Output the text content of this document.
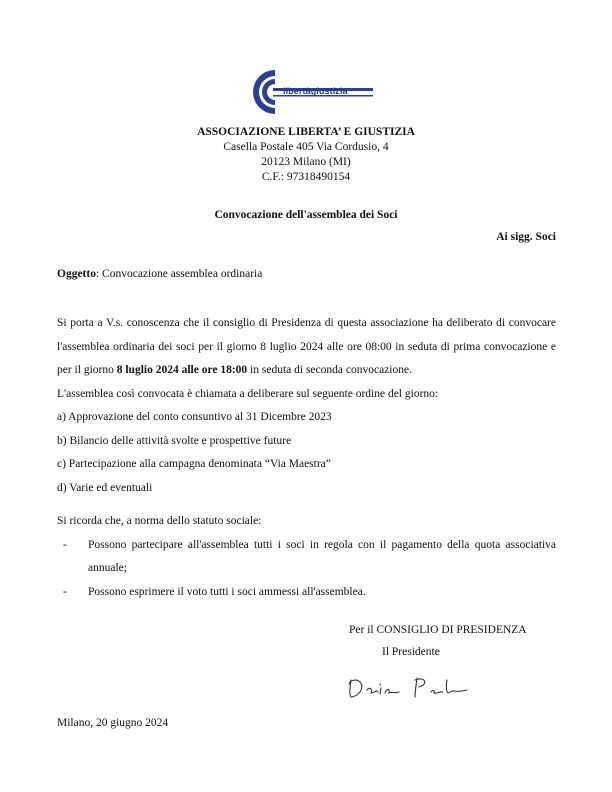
libertàgiustizia
ASSOCIAZIONE LIBERTA’ E GIUSTIZIA
Casella Postale 405 Via Cordusio, 4
20123 Milano (MI)
C.F.: 97318490154
Convocazione dell'assemblea dei Soci
Ai sigg. Soci
Oggetto: Convocazione assemblea ordinaria

Si porta a V.s. conoscenza che il consiglio di Presidenza di questa associazione ha deliberato di convocare l'assemblea ordinaria dei soci per il giorno 8 luglio 2024 alle ore 08:00 in seduta di prima convocazione e per il giorno 8 luglio 2024 alle ore 18:00 in seduta di seconda convocazione.

L'assemblea così convocata è chiamata a deliberare sul seguente ordine del giorno:

a) Approvazione del conto consuntivo al 31 Dicembre 2023

b) Bilancio delle attività svolte e prospettive future

c) Partecipazione alla campagna denominata “Via Maestra”

d) Varie ed eventuali

Si ricorda che, a norma dello statuto sociale:

-	Possono partecipare all'assemblea tutti i soci in regola con il pagamento della quota associativa annuale;
-	Possono esprimere il voto tutti i soci ammessi all'assemblea.
Per il CONSIGLIO DI PRESIDENZA
Il Presidente
Milano, 20 giugno 2024
